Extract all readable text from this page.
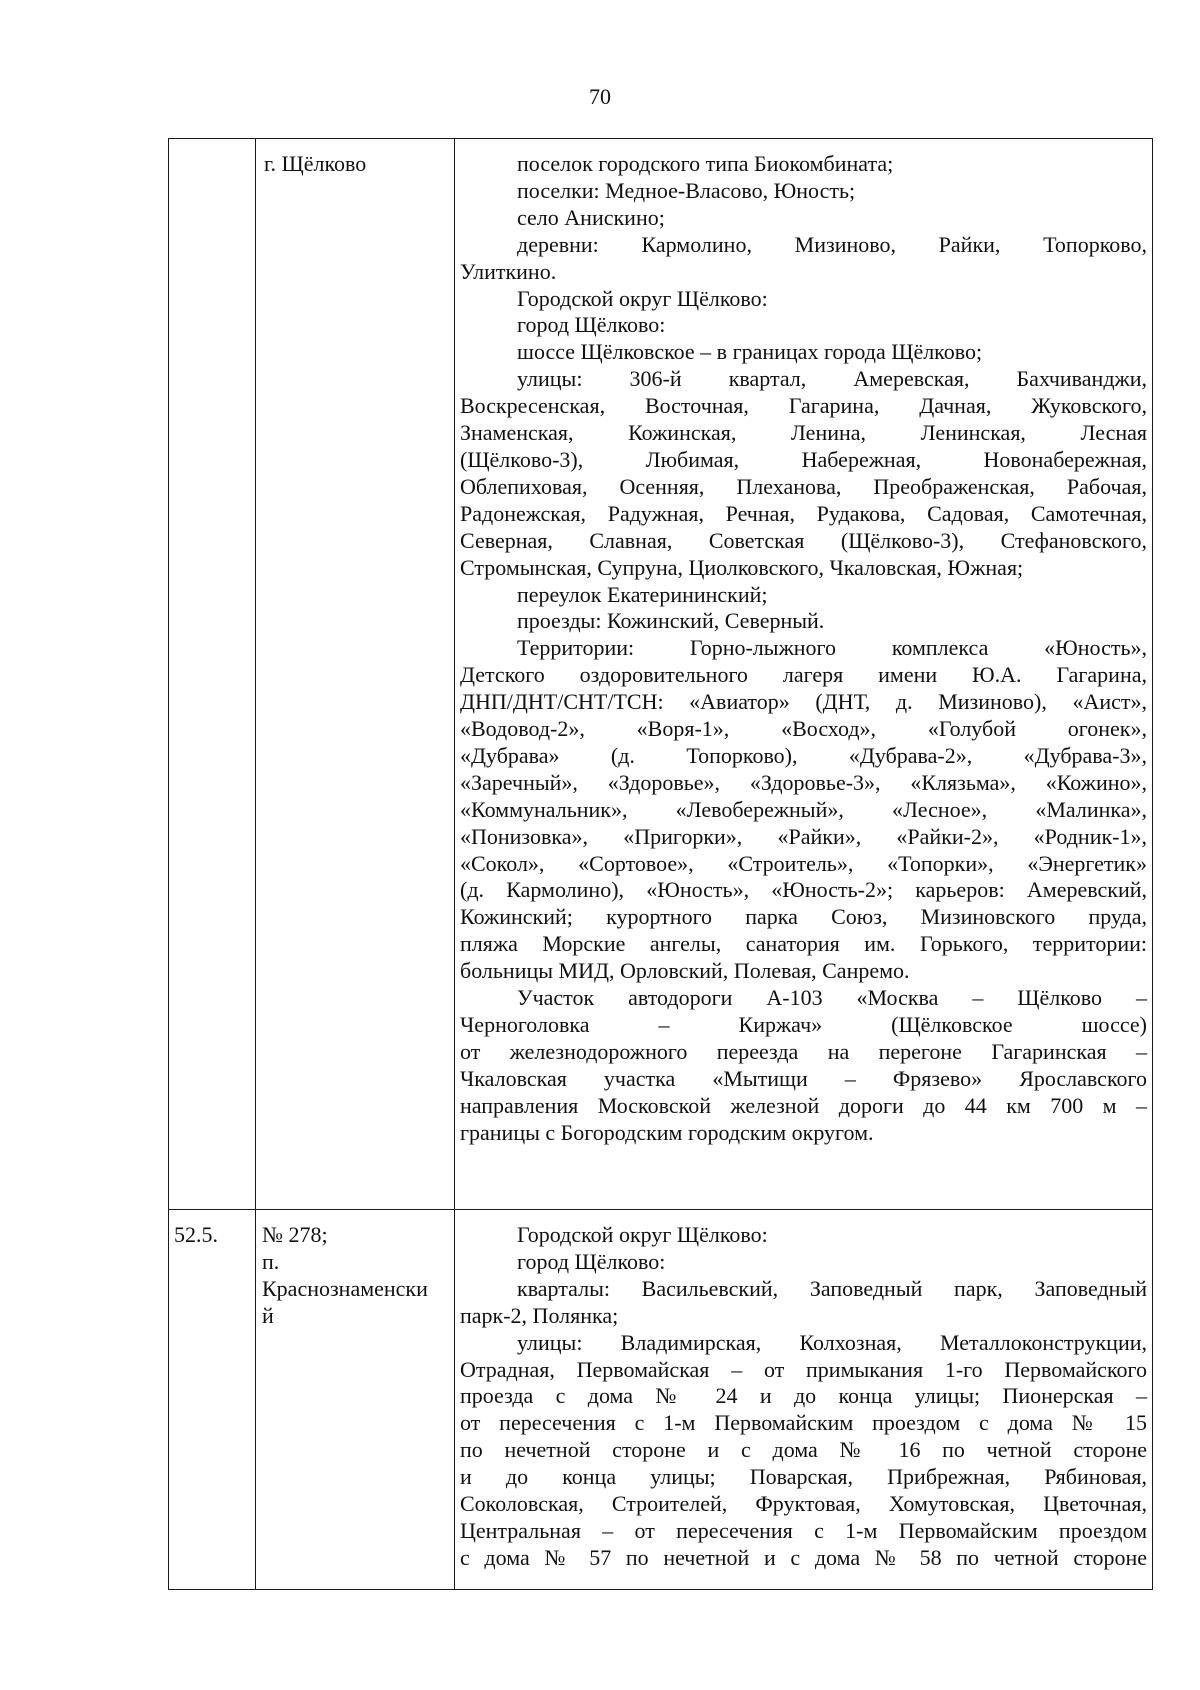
70
г. Щёлково	поселок городского типа Биокомбината;
поселки: Медное-Власово, Юность;
село Анискино;
деревни: Кармолино, Мизиново, Райки, Топорково,
Улиткино.
Городской округ Щёлково:
город Щёлково:
шоссе Щёлковское – в границах города Щёлково;
улицы: 306-й квартал, Амеревская, Бахчиванджи,
Воскресенская, Восточная, Гагарина, Дачная, Жуковского,
Знаменская, Кожинская, Ленина, Ленинская, Лесная
(Щёлково-3), Любимая, Набережная, Новонабережная,
Облепиховая, Осенняя, Плеханова, Преображенская, Рабочая,
Радонежская, Радужная, Речная, Рудакова, Садовая, Самотечная,
Северная, Славная, Советская (Щёлково-3), Стефановского,
Стромынская, Супруна, Циолковского, Чкаловская, Южная;
переулок Екатерининский;
проезды: Кожинский, Северный.
Территории: Горно-лыжного комплекса «Юность»,
Детского оздоровительного лагеря имени Ю.А. Гагарина,
ДНП/ДНТ/СНТ/ТСН: «Авиатор» (ДНТ, д. Мизиново), «Аист»,
«Водовод-2», «Воря-1», «Восход», «Голубой огонек»,
«Дубрава» (д. Топорково), «Дубрава-2», «Дубрава-3»,
«Заречный», «Здоровье», «Здоровье-3», «Клязьма», «Кожино»,
«Коммунальник», «Левобережный», «Лесное», «Малинка»,
«Понизовка», «Пригорки», «Райки», «Райки-2», «Родник-1»,
«Сокол», «Сортовое», «Строитель», «Топорки», «Энергетик»
(д. Кармолино), «Юность», «Юность-2»; карьеров: Амеревский,
Кожинский; курортного парка Союз, Мизиновского пруда,
пляжа Морские ангелы, санатория им. Горького, территории:
больницы МИД, Орловский, Полевая, Санремо.
Участок автодороги А-103 «Москва – Щёлково –
Черноголовка – Киржач» (Щёлковское шоссе)
от железнодорожного переезда на перегоне Гагаринская –
Чкаловская участка «Мытищи – Фрязево» Ярославского
направления Московской железной дороги до 44 км 700 м –
границы с Богородским городским округом.
52.5.	№ 278;
п.
Краснознаменски
й
Городской округ Щёлково:
город Щёлково:
кварталы: Васильевский, Заповедный парк, Заповедный
парк-2, Полянка;
улицы: Владимирская, Колхозная, Металлоконструкции,
Отрадная, Первомайская – от примыкания 1-го Первомайского
проезда с дома № 24 и до конца улицы; Пионерская –
от пересечения с 1-м Первомайским проездом с дома № 15
по нечетной стороне и с дома № 16 по четной стороне
и до конца улицы; Поварская, Прибрежная, Рябиновая,
Соколовская, Строителей, Фруктовая, Хомутовская, Цветочная,
Центральная – от пересечения с 1-м Первомайским проездом
с дома № 57 по нечетной и с дома № 58 по четной стороне
